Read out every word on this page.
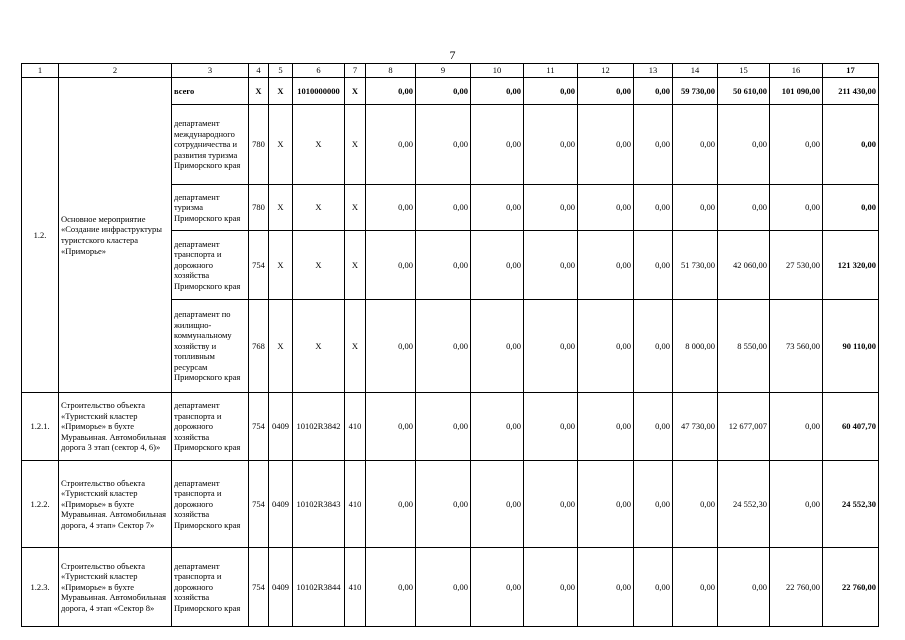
7
1	2	3	4	5	6	7	8	9	10	11	12	13	14	15	16	17
1.2.	Основное мероприятие «Создание инфраструктуры туристского кластера «Приморье»	всего	X	X	1010000000	X	0,00	0,00	0,00	0,00	0,00	0,00	59 730,00	50 610,00	101 090,00	211 430,00
		департамент международного сотрудничества и развития туризма Приморского края	780	X	X	X	0,00	0,00	0,00	0,00	0,00	0,00	0,00	0,00	0,00	0,00
		департамент туризма Приморского края	780	X	X	X	0,00	0,00	0,00	0,00	0,00	0,00	0,00	0,00	0,00	0,00
		департамент транспорта и дорожного хозяйства Приморского края	754	X	X	X	0,00	0,00	0,00	0,00	0,00	0,00	51 730,00	42 060,00	27 530,00	121 320,00
		департамент по жилищно-коммунальному хозяйству и топливным ресурсам Приморского края	768	X	X	X	0,00	0,00	0,00	0,00	0,00	0,00	8 000,00	8 550,00	73 560,00	90 110,00
1.2.1.	Строительство объекта «Туристский кластер «Приморье» в бухте Муравьиная. Автомобильная дорога 3 этап (сектор 4, 6)»	департамент транспорта и дорожного хозяйства Приморского края	754	0409	10102R3842	410	0,00	0,00	0,00	0,00	0,00	0,00	47 730,00	12 677,007	0,00	60 407,70
1.2.2.	Строительство объекта «Туристский кластер «Приморье» в бухте Муравьиная. Автомобильная дорога, 4 этап» Сектор 7»	департамент транспорта и дорожного хозяйства Приморского края	754	0409	10102R3843	410	0,00	0,00	0,00	0,00	0,00	0,00	0,00	24 552,30	0,00	24 552,30
1.2.3.	Строительство объекта «Туристский кластер «Приморье» в бухте Муравьиная. Автомобильная дорога, 4 этап «Сектор 8»	департамент транспорта и дорожного хозяйства Приморского края	754	0409	10102R3844	410	0,00	0,00	0,00	0,00	0,00	0,00	0,00	0,00	22 760,00	22 760,00
